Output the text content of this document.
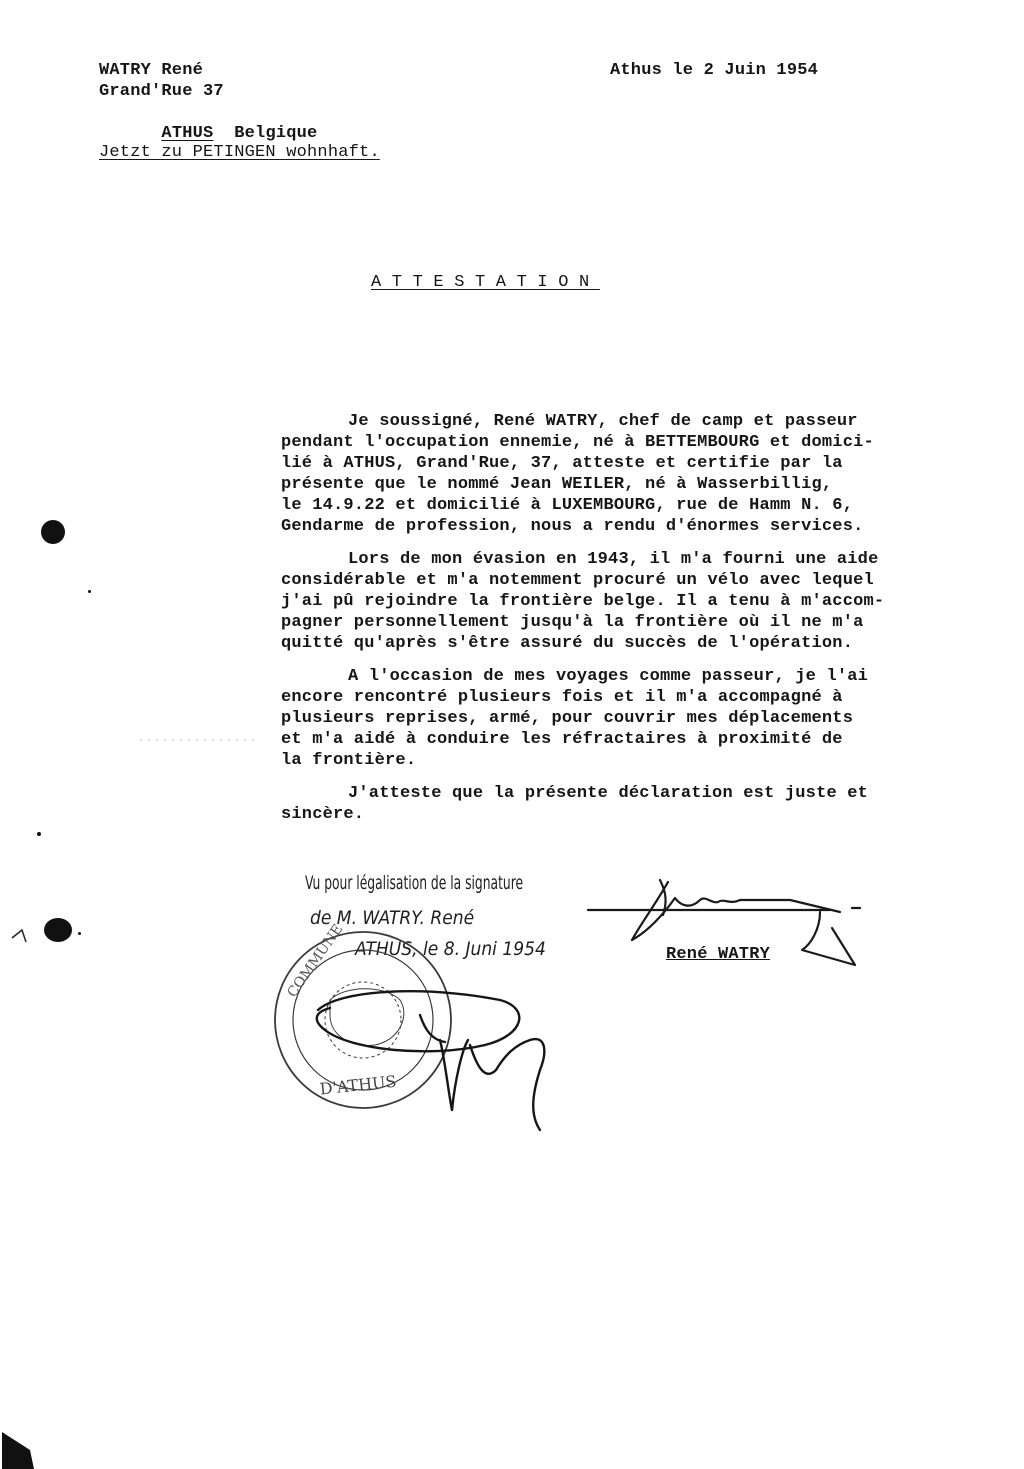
WATRY René
Grand'Rue 37

ATHUS Belgique

Jetzt zu PETINGEN wohnhaft.
Athus le 2 Juin 1954
ATTESTATION
Je soussigné, René WATRY, chef de camp et passeur
pendant l'occupation ennemie, né à BETTEMBOURG et domici-
lié à ATHUS, Grand'Rue, 37, atteste et certifie par la
présente que le nommé Jean WEILER, né à Wasserbillig,
le 14.9.22 et domicilié à LUXEMBOURG, rue de Hamm N. 6,
Gendarme de profession, nous a rendu d'énormes services.
Lors de mon évasion en 1943, il m'a fourni une aide
considérable et m'a notemment procuré un vélo avec lequel
j'ai pû rejoindre la frontière belge. Il a tenu à m'accom-
pagner personnellement jusqu'à la frontière où il ne m'a
quitté qu'après s'être assuré du succès de l'opération.
A l'occasion de mes voyages comme passeur, je l'ai
encore rencontré plusieurs fois et il m'a accompagné à
plusieurs reprises, armé, pour couvrir mes déplacements
et m'a aidé à conduire les réfractaires à proximité de
la frontière.
J'atteste que la présente déclaration est juste et
sincère.
René WATRY
Vu pour légalisation de la signature
de M. WATRY. René
ATHUS, le 8. Juni 1954
D'ATHUS
COMMUNE
